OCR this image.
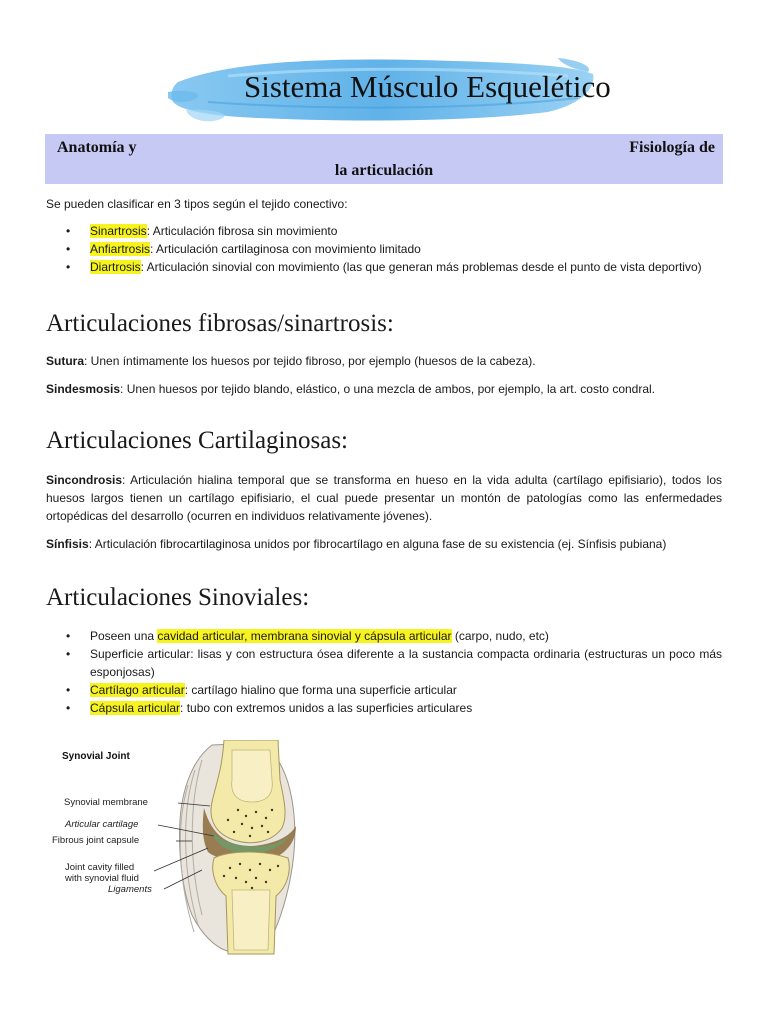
Sistema Músculo Esquelético
Anatomía y	Fisiología de
la articulación
Se pueden clasificar en 3 tipos según el tejido conectivo:
• Sinartrosis: Articulación fibrosa sin movimiento
• Anfiartrosis: Articulación cartilaginosa con movimiento limitado
• Diartrosis: Articulación sinovial con movimiento (las que generan más problemas desde el punto de vista deportivo)
Articulaciones fibrosas/sinartrosis:
Sutura: Unen íntimamente los huesos por tejido fibroso, por ejemplo (huesos de la cabeza).
Sindesmosis: Unen huesos por tejido blando, elástico, o una mezcla de ambos, por ejemplo, la art. costo condral.
Articulaciones Cartilaginosas:
Sincondrosis: Articulación hialina temporal que se transforma en hueso en la vida adulta (cartílago epifisiario), todos los huesos largos tienen un cartílago epifisiario, el cual puede presentar un montón de patologías como las enfermedades ortopédicas del desarrollo (ocurren en individuos relativamente jóvenes).
Sínfisis: Articulación fibrocartilaginosa unidos por fibrocartílago en alguna fase de su existencia (ej. Sínfisis pubiana)
Articulaciones Sinoviales:
• Poseen una cavidad articular, membrana sinovial y cápsula articular (carpo, nudo, etc)
• Superficie articular: lisas y con estructura ósea diferente a la sustancia compacta ordinaria (estructuras un poco más esponjosas)
• Cartílago articular: cartílago hialino que forma una superficie articular
• Cápsula articular: tubo con extremos unidos a las superficies articulares
Synovial Joint
Synovial membrane
Articular cartilage
Fibrous joint capsule
Joint cavity filled
with synovial fluid
Ligaments
